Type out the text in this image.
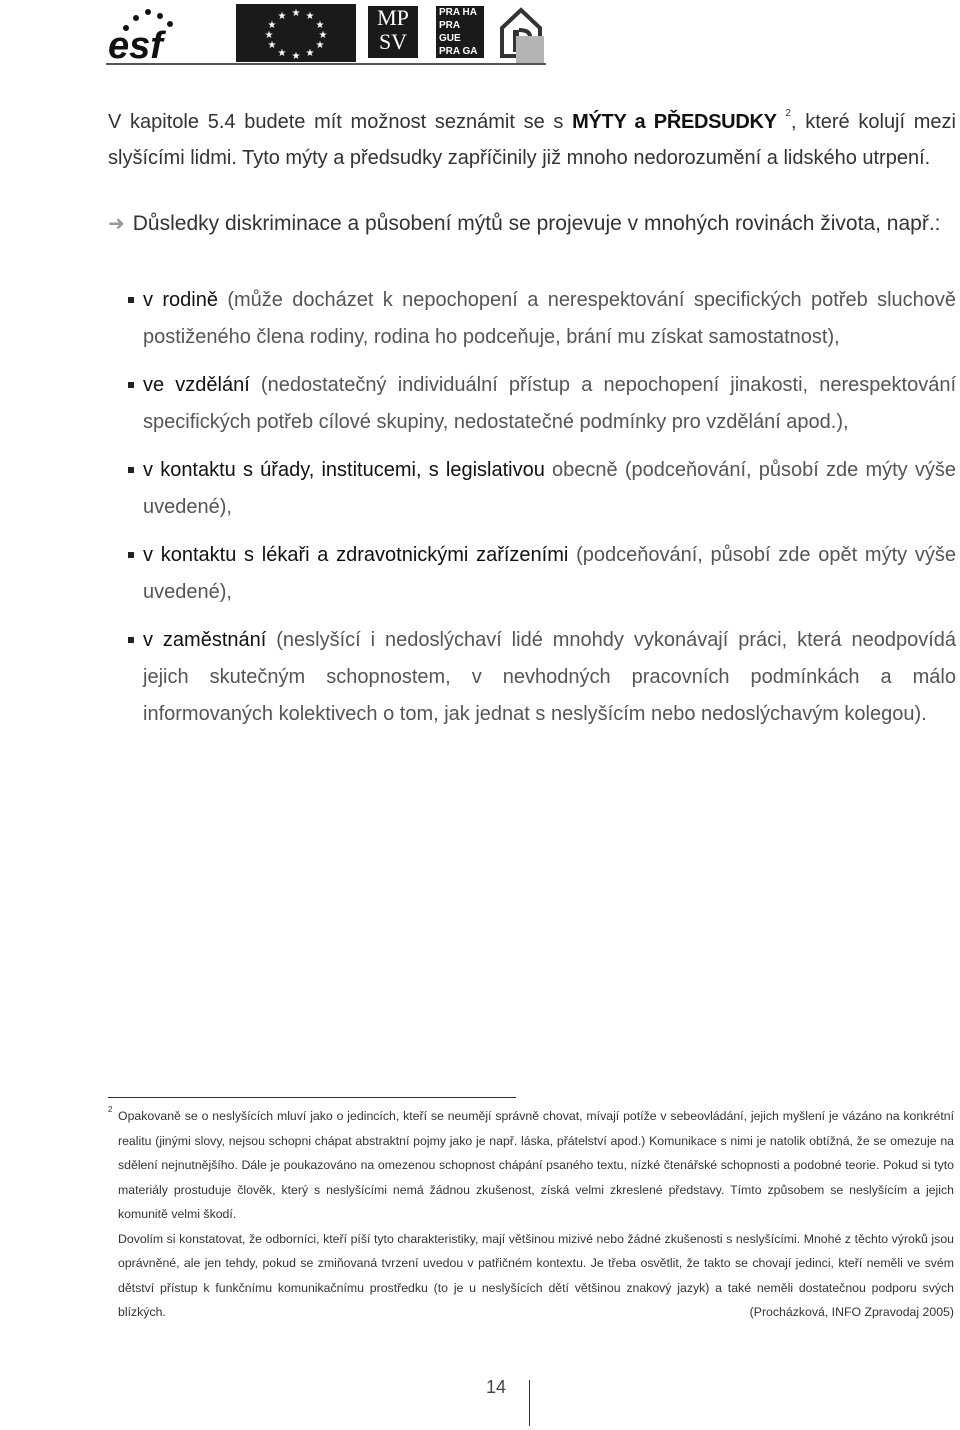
esf
★ ★
★
★
★
★
★
★
★
★
★
★	MP
SV
PRA HA
PRA GUE
PRA GA

V kapitole 5.4 budete mít možnost seznámit se s MÝTY a PŘEDSUDKY $^2$, které kolují mezi slyšícími lidmi. Tyto mýty a předsudky zapříčinily již mnoho nedorozumění a lidského utrpení.

➜ Důsledky diskriminace a působení mýtů se projevuje v mnohých rovinách života, např.:

v rodině (může docházet k nepochopení a nerespektování specifických potřeb sluchově postiženého člena rodiny, rodina ho podceňuje, brání mu získat samostatnost),
ve vzdělání (nedostatečný individuální přístup a nepochopení jinakosti, nerespektování specifických potřeb cílové skupiny, nedostatečné podmínky pro vzdělání apod.),
v kontaktu s úřady, institucemi, s legislativou obecně (podceňování, působí zde mýty výše uvedené),
v kontaktu s lékaři a zdravotnickými zařízeními (podceňování, působí zde opět mýty výše uvedené),
v zaměstnání (neslyšící i nedoslýchaví lidé mnohdy vykonávají práci, která neodpovídá jejich skutečným schopnostem, v nevhodných pracovních podmínkách a málo informovaných kolektivech o tom, jak jednat s neslyšícím nebo nedoslýchavým kolegou).
2 Opakovaně se o neslyšících mluví jako o jedincích, kteří se neumějí správně chovat, mívají potíže v sebeovládání, jejich myšlení je vázáno na konkrétní realitu (jinými slovy, nejsou schopni chápat abstraktní pojmy jako je např. láska, přátelství apod.) Komunikace s nimi je natolik obtížná, že se omezuje na sdělení nejnutnějšího. Dále je poukazováno na omezenou schopnost chápání psaného textu, nízké čtenářské schopnosti a podobné teorie. Pokud si tyto materiály prostuduje člověk, který s neslyšícími nemá žádnou zkušenost, získá velmi zkreslené představy. Tímto způsobem se neslyšícím a jejich komunitě velmi škodí.

Dovolím si konstatovat, že odborníci, kteří píší tyto charakteristiky, mají většinou mizivé nebo žádné zkušenosti s neslyšícími. Mnohé z těchto výroků jsou oprávněné, ale jen tehdy, pokud se zmiňovaná tvrzení uvedou v patřičném kontextu. Je třeba osvětlit, že takto se chovají jedinci, kteří neměli ve svém dětství přístup k funkčnímu komunikačnímu prostředku (to je u neslyšících dětí většinou znakový jazyk) a také neměli dostatečnou podporu svých blízkých.	(Procházková, INFO Zpravodaj 2005)

14
